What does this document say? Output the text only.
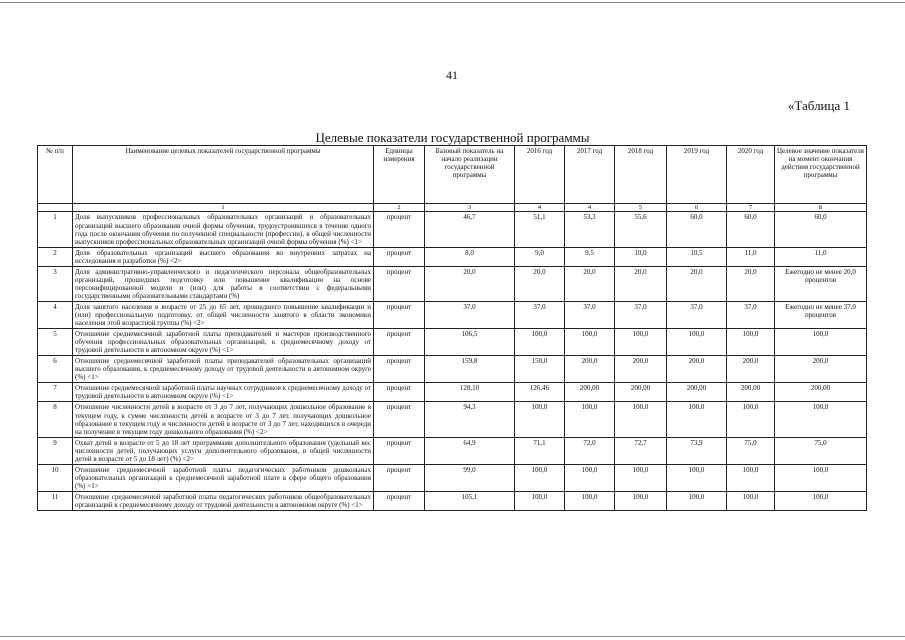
41
«Таблица 1
Целевые показатели государственной программы
№ п/п	Наименование целевых показателей государственной программы	Единицы измерения	Базовый показатель на начало реализации государственной программы	2016 год	2017 год	2018 год	2019 год	2020 год	Целевое значение показателя на момент окончания действия государственной программы
	1	2	3	4	4	5	6	7	8
1	Доля выпускников профессиональных образовательных организаций и образовательных организаций высшего образования очной формы обучения, трудоустроившихся в течение одного года после окончания обучения по полученной специальности (профессии), в общей численности выпускников профессиональных образовательных организаций очной формы обучения (%) <1>	процент	46,7	51,1	53,3	55,6	60,0	60,0	60,0
2	Доля образовательных организаций высшего образования во внутренних затратах на исследования и разработки (%) <2>	процент	8,0	9,0	9,5	10,0	10,5	11,0	11,0
3	Доля административно-управленческого и педагогического персонала общеобразовательных организаций, прошедших подготовку или повышение квалификации на основе персонифицированной модели и (или) для работы в соответствии с федеральными государственными образовательными стандартами (%)	процент	20,0	20,0	20,0	20,0	20,0	20,0	Ежегодно не менее 20,0 процентов
4	Доля занятого населения в возрасте от 25 до 65 лет, прошедшего повышение квалификации и (или) профессиональную подготовку, от общей численности занятого в области экономики населения этой возрастной группы (%) <2>	процент	37,0	37,0	37,0	37,0	37,0	37,0	Ежегодно не менее 37,0 процентов
5	Отношение среднемесячной заработной платы преподавателей и мастеров производственного обучения профессиональных образовательных организаций, к среднемесячному доходу от трудовой деятельности в автономном округе (%) <1>	процент	106,5	100,0	100,0	100,0	100,0	100,0	100,0
6	Отношение среднемесячной заработной платы преподавателей образовательных организаций высшего образования, к среднемесячному доходу от трудовой деятельности в автономном округе (%) <1>	процент	159,8	150,0	200,0	200,0	200,0	200,0	200,0
7	Отношение среднемесячной заработной платы научных сотрудников к среднемесячному доходу от трудовой деятельности в автономном округе (%) <1>	процент	128,10	126,46	200,00	200,00	200,00	200,00	200,00
8	Отношение численности детей в возрасте от 3 до 7 лет, получающих дошкольное образование в текущем году, к сумме численности детей в возрасте от 3 до 7 лет, получающих дошкольное образование в текущем году и численности детей в возрасте от 3 до 7 лет, находящихся в очереди на получение в текущем году дошкольного образования (%) <2>	процент	94,3	100,0	100,0	100,0	100,0	100,0	100,0
9	Охват детей в возрасте от 5 до 18 лет программами дополнительного образования (удельный вес численности детей, получающих услуги дополнительного образования, в общей численности детей в возрасте от 5 до 18 лет) (%) <2>	процент	64,9	71,1	72,0	72,7	73,9	75,0	75,0
10	Отношение среднемесячной заработной платы педагогических работников дошкольных образовательных организаций к среднемесячной заработной плате в сфере общего образования (%) <1>	процент	99,0	100,0	100,0	100,0	100,0	100,0	100,0
11	Отношение среднемесячной заработной платы педагогических работников общеобразовательных организаций к среднемесячному доходу от трудовой деятельности в автономном округе (%) <1>	процент	105,1	100,0	100,0	100,0	100,0	100,0	100,0
